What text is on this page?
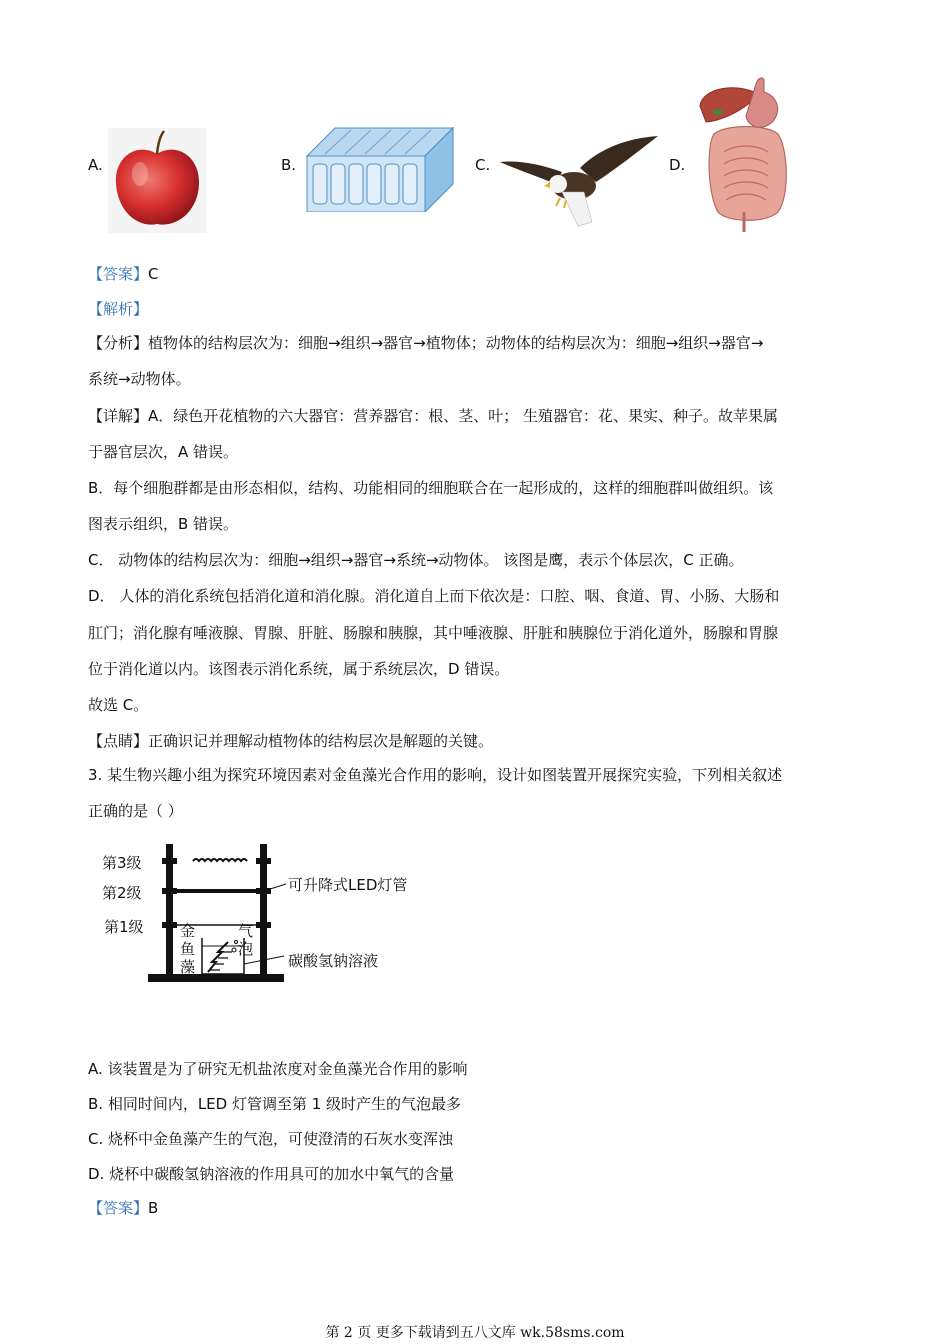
A.	B.	C.	D.
【答案】C
【解析】
【分析】植物体的结构层次为：细胞→组织→器官→植物体；动物体的结构层次为：细胞→组织→器官→
系统→动物体。
【详解】A．绿色开花植物的六大器官：营养器官：根、茎、叶； 生殖器官：花、果实、种子。故苹果属
于器官层次，A 错误。
B．每个细胞群都是由形态相似，结构、功能相同的细胞联合在一起形成的，这样的细胞群叫做组织。该
图表示组织，B 错误。
C． 动物体的结构层次为：细胞→组织→器官→系统→动物体。 该图是鹰，表示个体层次，C 正确。
D． 人体的消化系统包括消化道和消化腺。消化道自上而下依次是：口腔、咽、食道、胃、小肠、大肠和
肛门；消化腺有唾液腺、胃腺、肝脏、肠腺和胰腺，其中唾液腺、肝脏和胰腺位于消化道外，肠腺和胃腺
位于消化道以内。该图表示消化系统，属于系统层次，D 错误。
故选 C。
【点睛】正确识记并理解动植物体的结构层次是解题的关键。
3. 某生物兴趣小组为探究环境因素对金鱼藻光合作用的影响，设计如图装置开展探究实验，下列相关叙述
正确的是（ ）
第3级
第2级
第1级
可升降式LED灯管
金
鱼
藻
气
泡
碳酸氢钠溶液
A. 该装置是为了研究无机盐浓度对金鱼藻光合作用的影响
B. 相同时间内，LED 灯管调至第 1 级时产生的气泡最多
C. 烧杯中金鱼藻产生的气泡，可使澄清的石灰水变浑浊
D. 烧杯中碳酸氢钠溶液的作用具可的加水中氧气的含量
【答案】B
第 2 页 更多下载请到五八文库 wk.58sms.com
